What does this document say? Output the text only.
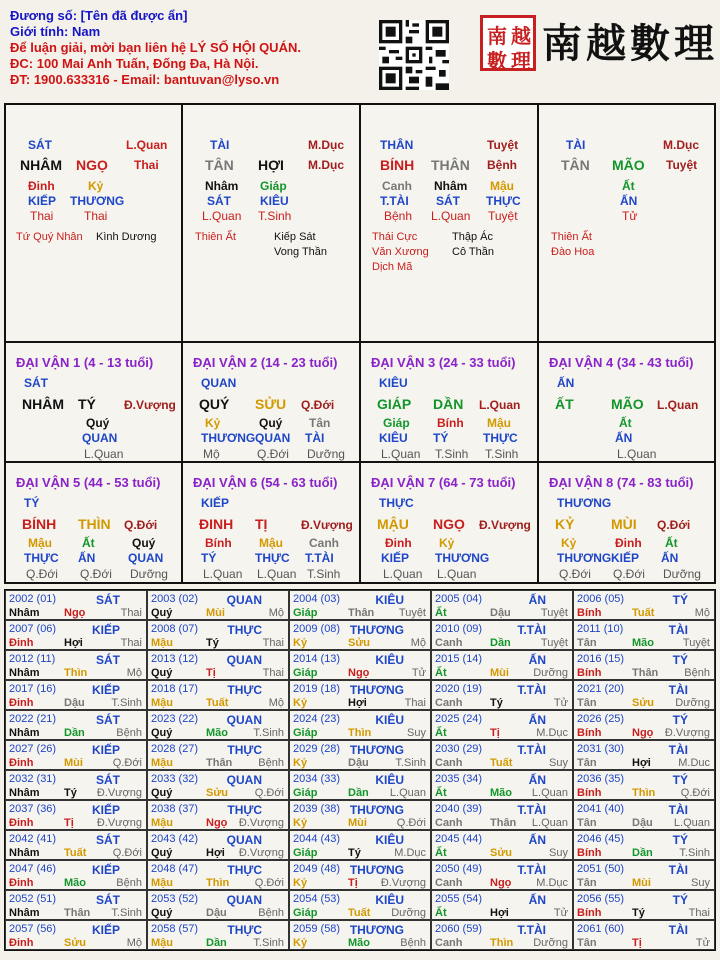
Đương số: [Tên đã được ẩn]
Giới tính: Nam
Để luận giải, mời bạn liên hệ LÝ SỐ HỘI QUÁN.
ĐC: 100 Mai Anh Tuấn, Đống Đa, Hà Nội.
ĐT: 1900.633316 - Email: bantuvan@lyso.vn
南 越
數 理 南越數理
SÁT	L.Quan
NHÂM NGỌ Thai
Đinh	Kỷ
KIẾP THƯƠNG
Thai	Thai
Tứ Quý Nhân Kình Dương
TÀI	M.Dục
TÂN HỢI M.Dục
Nhâm Giáp
SÁT KIÊU
L.Quan T.Sinh
Thiên Ất	Kiếp Sát
Vong Thần
THÂN	Tuyệt
BÍNH THÂN Bệnh
Canh Nhâm Mậu
T.TÀI SÁT THỰC
Bệnh L.Quan Tuyệt
Thái Cực	Thập Ác
Văn Xương Cô Thần
Dịch Mã
TÀI	M.Dục
TÂN MÃO Tuyệt
Ất
ẤN
Tử
Thiên Ất
Đào Hoa
ĐẠI VẬN 1 (4 - 13 tuổi)
SÁT
NHÂM TÝ Đ.Vượng
Quý
QUAN
L.Quan
ĐẠI VẬN 2 (14 - 23 tuổi)
QUAN
QUÝ SỬU Q.Đới
Kỷ
THƯƠNG
Mộ
Quý
QUAN
Q.Đới
Tân
TÀI
Dưỡng
ĐẠI VẬN 3 (24 - 33 tuổi)
KIÊU
GIÁP DẦN L.Quan
Giáp
KIÊU
L.Quan
Bính
TÝ
T.Sinh
Mậu
THỰC
T.Sinh
ĐẠI VẬN 4 (34 - 43 tuổi)
ẤN
ẤT	MÃO L.Quan
Ất
ẤN
L.Quan
ĐẠI VẬN 5 (44 - 53 tuổi)
TÝ
BÍNH THÌN Q.Đới
Mậu
THỰC
Q.Đới
Ất
ẤN
Q.Đới
Quý
QUAN
Dưỡng
ĐẠI VẬN 6 (54 - 63 tuổi)
KIẾP
ĐINH TỊ	Đ.Vượng
Bính
TÝ
L.Quan
Mậu
THỰC
L.Quan
Canh
T.TÀI
T.Sinh
ĐẠI VẬN 7 (64 - 73 tuổi)
THỰC
MẬU NGỌ Đ.Vượng
Đinh
KIẾP
L.Quan
Kỷ
THƯƠNG
L.Quan
ĐẠI VẬN 8 (74 - 83 tuổi)
THƯƠNG
KỶ	MÙI Q.Đới
Kỷ
THƯƠNG
Q.Đới
Đinh
KIẾP
Q.Đới
Ất
ẤN
Dưỡng
2002 (01)	SÁT
Nhâm Ngọ	Thai
2003 (02) QUAN
Quý	Mùi	Mộ
2004 (03)	KIÊU
Giáp	Thân Tuyệt
2005 (04)	ẤN
Ất	Dậu	Tuyệt
2006 (05)	TÝ
Bính	Tuất	Mộ
2007 (06)	KIẾP
Đinh	Hợi	Thai
2008 (07) THỰC
Mậu	Tý	Thai
2009 (08) THƯƠNG
Kỷ	Sửu	Mộ
2010 (09)	T.TÀI
Canh	Dần	Tuyệt
2011 (10)	TÀI
Tân	Mão	Tuyệt
2012 (11)	SÁT
Nhâm Thìn	Mộ
2013 (12) QUAN
Quý	Tị	Thai
2014 (13)	KIÊU
Giáp	Ngọ	Tử
2015 (14)	ẤN
Ất	Mùi Dưỡng
2016 (15)	TÝ
Bính	Thân Bệnh
2017 (16)	KIẾP
Đinh	Dậu T.Sinh
2018 (17) THỰC
Mậu	Tuất	Mộ
2019 (18) THƯƠNG
Kỷ	Hợi	Thai
2020 (19)	T.TÀI
Canh	Tý	Tử
2021 (20)	TÀI
Tân	Sửu Dưỡng
2022 (21)	SÁT
Nhâm Dần	Bệnh
2023 (22) QUAN
Quý	Mão T.Sinh
2024 (23)	KIÊU
Giáp	Thìn	Suy
2025 (24)	ẤN
Ất	Tị	M.Dục
2026 (25)	TÝ
Bính	Ngọ Đ.Vượng
2027 (26)	KIẾP
Đinh	Mùi	Q.Đới
2028 (27) THỰC
Mậu	Thân Bệnh
2029 (28) THƯƠNG
Kỷ	Dậu T.Sinh
2030 (29)	T.TÀI
Canh	Tuất	Suy
2031 (30)	TÀI
Tân	Hợi M.Duc
2032 (31)	SÁT
Nhâm Tý Đ.Vượng
2033 (32) QUAN
Quý	Sửu Q.Đới
2034 (33)	KIÊU
Giáp	Dần L.Quan
2035 (34)	ẤN
Ất	Mão L.Quan
2036 (35)	TÝ
Bính	Thìn Q.Đới
2037 (36)	KIẾP
Đinh	Tị Đ.Vượng
2038 (37) THỰC
Mậu	Ngọ Đ.Vượng
2039 (38) THƯƠNG
Kỷ	Mùi	Q.Đới
2040 (39)	T.TÀI
Canh	Thân L.Quan
2041 (40)	TÀI
Tân	Dậu L.Quan
2042 (41)	SÁT
Nhâm Tuất Q.Đới
2043 (42) QUAN
Quý	Hợi Đ.Vượng
2044 (43)	KIÊU
Giáp	Tý	M.Dục
2045 (44)	ẤN
Ất	Sửu	Suy
2046 (45)	TÝ
Bính	Dần T.Sinh
2047 (46)	KIẾP
Đinh	Mão	Bệnh
2048 (47) THỰC
Mậu	Thìn Q.Đới
2049 (48) THƯƠNG
Kỷ	Tị Đ.Vượng
2050 (49)	T.TÀI
Canh	Ngọ M.Dục
2051 (50)	TÀI
Tân	Mùi	Suy
2052 (51)	SÁT
Nhâm Thân T.Sinh
2053 (52) QUAN
Quý	Dậu	Bệnh
2054 (53)	KIÊU
Giáp	Tuất Dưỡng
2055 (54)	ẤN
Ất	Hợi	Tử
2056 (55)	TÝ
Bính	Tý	Thai
2057 (56)	KIẾP
Đinh	Sửu	Mộ
2058 (57) THỰC
Mậu	Dần T.Sinh
2059 (58) THƯƠNG
Kỷ	Mão	Bệnh
2060 (59)	T.TÀI
Canh	Thìn Dưỡng
2061 (60)	TÀI
Tân	Tị	Tử
